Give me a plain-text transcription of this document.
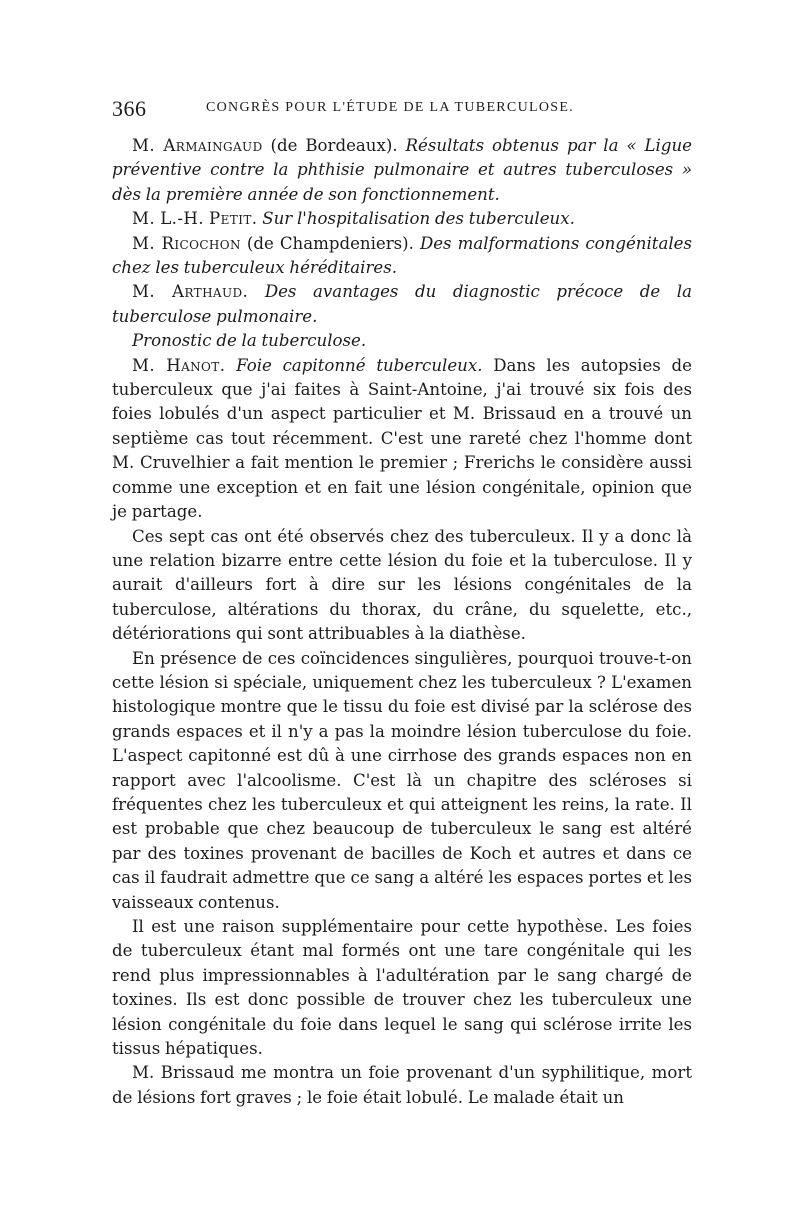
366	CONGRÈS POUR L'ÉTUDE DE LA TUBERCULOSE.

M. Armaingaud (de Bordeaux). Résultats obtenus par la « Ligue préventive contre la phthisie pulmonaire et autres tuberculoses » dès la première année de son fonctionnement.

M. L.-H. Petit. Sur l'hospitalisation des tuberculeux.

M. Ricochon (de Champdeniers). Des malformations congénitales chez les tuberculeux héréditaires.

M. Arthaud. Des avantages du diagnostic précoce de la tuberculose pulmonaire.

Pronostic de la tuberculose.

M. Hanot. Foie capitonné tuberculeux. Dans les autopsies de tuberculeux que j'ai faites à Saint-Antoine, j'ai trouvé six fois des foies lobulés d'un aspect particulier et M. Brissaud en a trouvé un septième cas tout récemment. C'est une rareté chez l'homme dont M. Cruvelhier a fait mention le premier ; Frerichs le considère aussi comme une exception et en fait une lésion congénitale, opinion que je partage.

Ces sept cas ont été observés chez des tuberculeux. Il y a donc là une relation bizarre entre cette lésion du foie et la tuberculose. Il y aurait d'ailleurs fort à dire sur les lésions congénitales de la tuberculose, altérations du thorax, du crâne, du squelette, etc., détériorations qui sont attribuables à la diathèse.

En présence de ces coïncidences singulières, pourquoi trouve-t-on cette lésion si spéciale, uniquement chez les tuberculeux ? L'examen histologique montre que le tissu du foie est divisé par la sclérose des grands espaces et il n'y a pas la moindre lésion tuberculose du foie. L'aspect capitonné est dû à une cirrhose des grands espaces non en rapport avec l'alcoolisme. C'est là un chapitre des scléroses si fréquentes chez les tuberculeux et qui atteignent les reins, la rate. Il est probable que chez beaucoup de tuberculeux le sang est altéré par des toxines provenant de bacilles de Koch et autres et dans ce cas il faudrait admettre que ce sang a altéré les espaces portes et les vaisseaux contenus.

Il est une raison supplémentaire pour cette hypothèse. Les foies de tuberculeux étant mal formés ont une tare congénitale qui les rend plus impressionnables à l'adultération par le sang chargé de toxines. Ils est donc possible de trouver chez les tuberculeux une lésion congénitale du foie dans lequel le sang qui sclérose irrite les tissus hépatiques.

M. Brissaud me montra un foie provenant d'un syphilitique, mort de lésions fort graves ; le foie était lobulé. Le malade était un
